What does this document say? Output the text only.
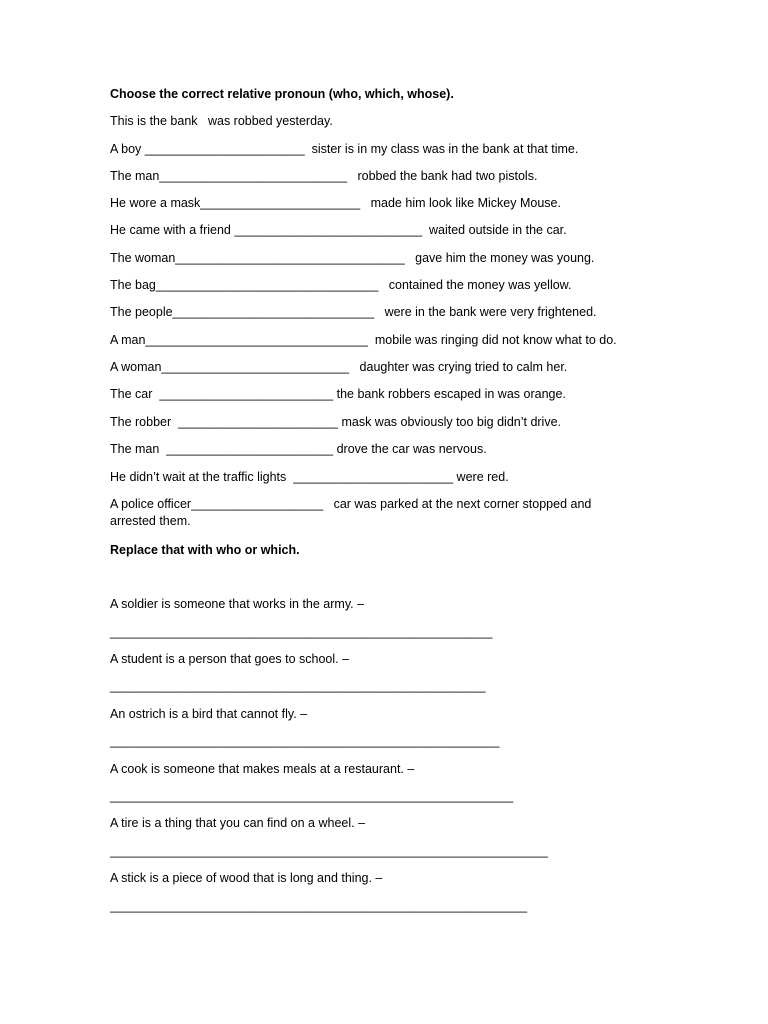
Choose the correct relative pronoun (who, which, whose).
This is the bank   was robbed yesterday.
A boy _______________________  sister is in my class was in the bank at that time.
The man___________________________   robbed the bank had two pistols.
He wore a mask_______________________   made him look like Mickey Mouse.
He came with a friend ___________________________  waited outside in the car.
The woman_________________________________   gave him the money was young.
The bag________________________________   contained the money was yellow.
The people_____________________________   were in the bank were very frightened.
A man________________________________  mobile was ringing did not know what to do.
A woman___________________________   daughter was crying tried to calm her.
The car  _________________________ the bank robbers escaped in was orange.
The robber  _______________________ mask was obviously too big didn’t drive.
The man  ________________________ drove the car was nervous.
He didn’t wait at the traffic lights  _______________________ were red.
A police officer___________________   car was parked at the next corner stopped and arrested them.
Replace that with who or which.
A soldier is someone that works in the army. –
_______________________________________________________
A student is a person that goes to school. –
______________________________________________________
An ostrich is a bird that cannot fly. –
________________________________________________________
A cook is someone that makes meals at a restaurant. –
__________________________________________________________
A tire is a thing that you can find on a wheel. –
_______________________________________________________________
A stick is a piece of wood that is long and thing. –
____________________________________________________________
